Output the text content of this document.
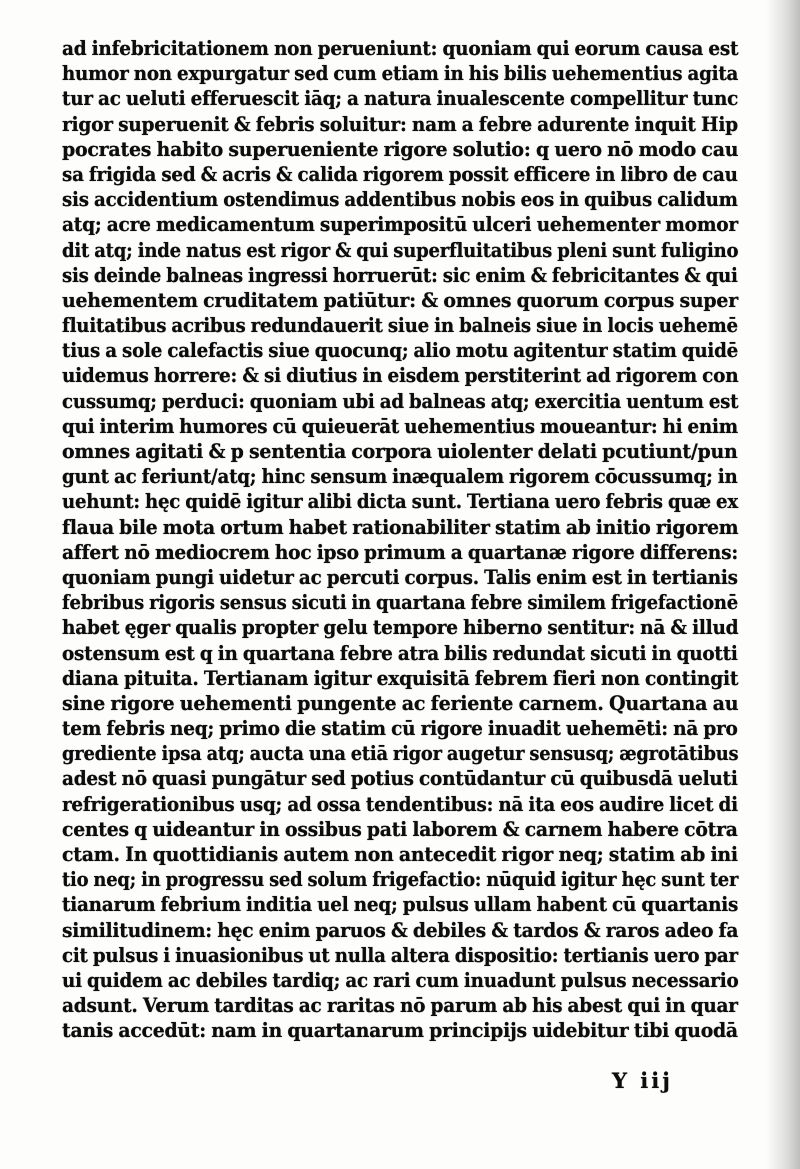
ad infebricitationem non perueniunt: quoniam qui eorum causa est
humor non expurgatur sed cum etiam in his bilis uehementius agita
tur ac ueluti efferuescit iāq; a natura inualescente compellitur tunc
rigor superuenit & febris soluitur: nam a febre adurente inquit Hip
pocrates habito superueniente rigore solutio: q uero nō modo cau
sa frigida sed & acris & calida rigorem possit efficere in libro de cau
sis accidentium ostendimus addentibus nobis eos in quibus calidum
atq; acre medicamentum superimpositū ulceri uehementer momor
dit atq; inde natus est rigor & qui superfluitatibus pleni sunt fuligino
sis deinde balneas ingressi horruerūt: sic enim & febricitantes & qui
uehementem cruditatem patiūtur: & omnes quorum corpus super
fluitatibus acribus redundauerit siue in balneis siue in locis uehemē
tius a sole calefactis siue quocunq; alio motu agitentur statim quidē
uidemus horrere: & si diutius in eisdem perstiterint ad rigorem con
cussumq; perduci: quoniam ubi ad balneas atq; exercitia uentum est
qui interim humores cū quieuerāt uehementius moueantur: hi enim
omnes agitati & p sententia corpora uiolenter delati pcutiunt/pun
gunt ac feriunt/atq; hinc sensum inæqualem rigorem cōcussumq; in
uehunt: hęc quidē igitur alibi dicta sunt. Tertiana uero febris quæ ex
flaua bile mota ortum habet rationabiliter statim ab initio rigorem
affert nō mediocrem hoc ipso primum a quartanæ rigore differens:
quoniam pungi uidetur ac percuti corpus. Talis enim est in tertianis
febribus rigoris sensus sicuti in quartana febre similem frigefactionē
habet ęger qualis propter gelu tempore hiberno sentitur: nā & illud
ostensum est q in quartana febre atra bilis redundat sicuti in quotti
diana pituita. Tertianam igitur exquisitā febrem fieri non contingit
sine rigore uehementi pungente ac feriente carnem. Quartana au
tem febris neq; primo die statim cū rigore inuadit uehemēti: nā pro
grediente ipsa atq; aucta una etiā rigor augetur sensusq; ægrotātibus
adest nō quasi pungātur sed potius contūdantur cū quibusdā ueluti
refrigerationibus usq; ad ossa tendentibus: nā ita eos audire licet di
centes q uideantur in ossibus pati laborem & carnem habere cōtra
ctam. In quottidianis autem non antecedit rigor neq; statim ab ini
tio neq; in progressu sed solum frigefactio: nūquid igitur hęc sunt ter
tianarum febrium inditia uel neq; pulsus ullam habent cū quartanis
similitudinem: hęc enim paruos & debiles & tardos & raros adeo fa
cit pulsus i inuasionibus ut nulla altera dispositio: tertianis uero par
ui quidem ac debiles tardiq; ac rari cum inuadunt pulsus necessario
adsunt. Verum tarditas ac raritas nō parum ab his abest qui in quar
tanis accedūt: nam in quartanarum principijs uidebitur tibi quodā
Y iij
